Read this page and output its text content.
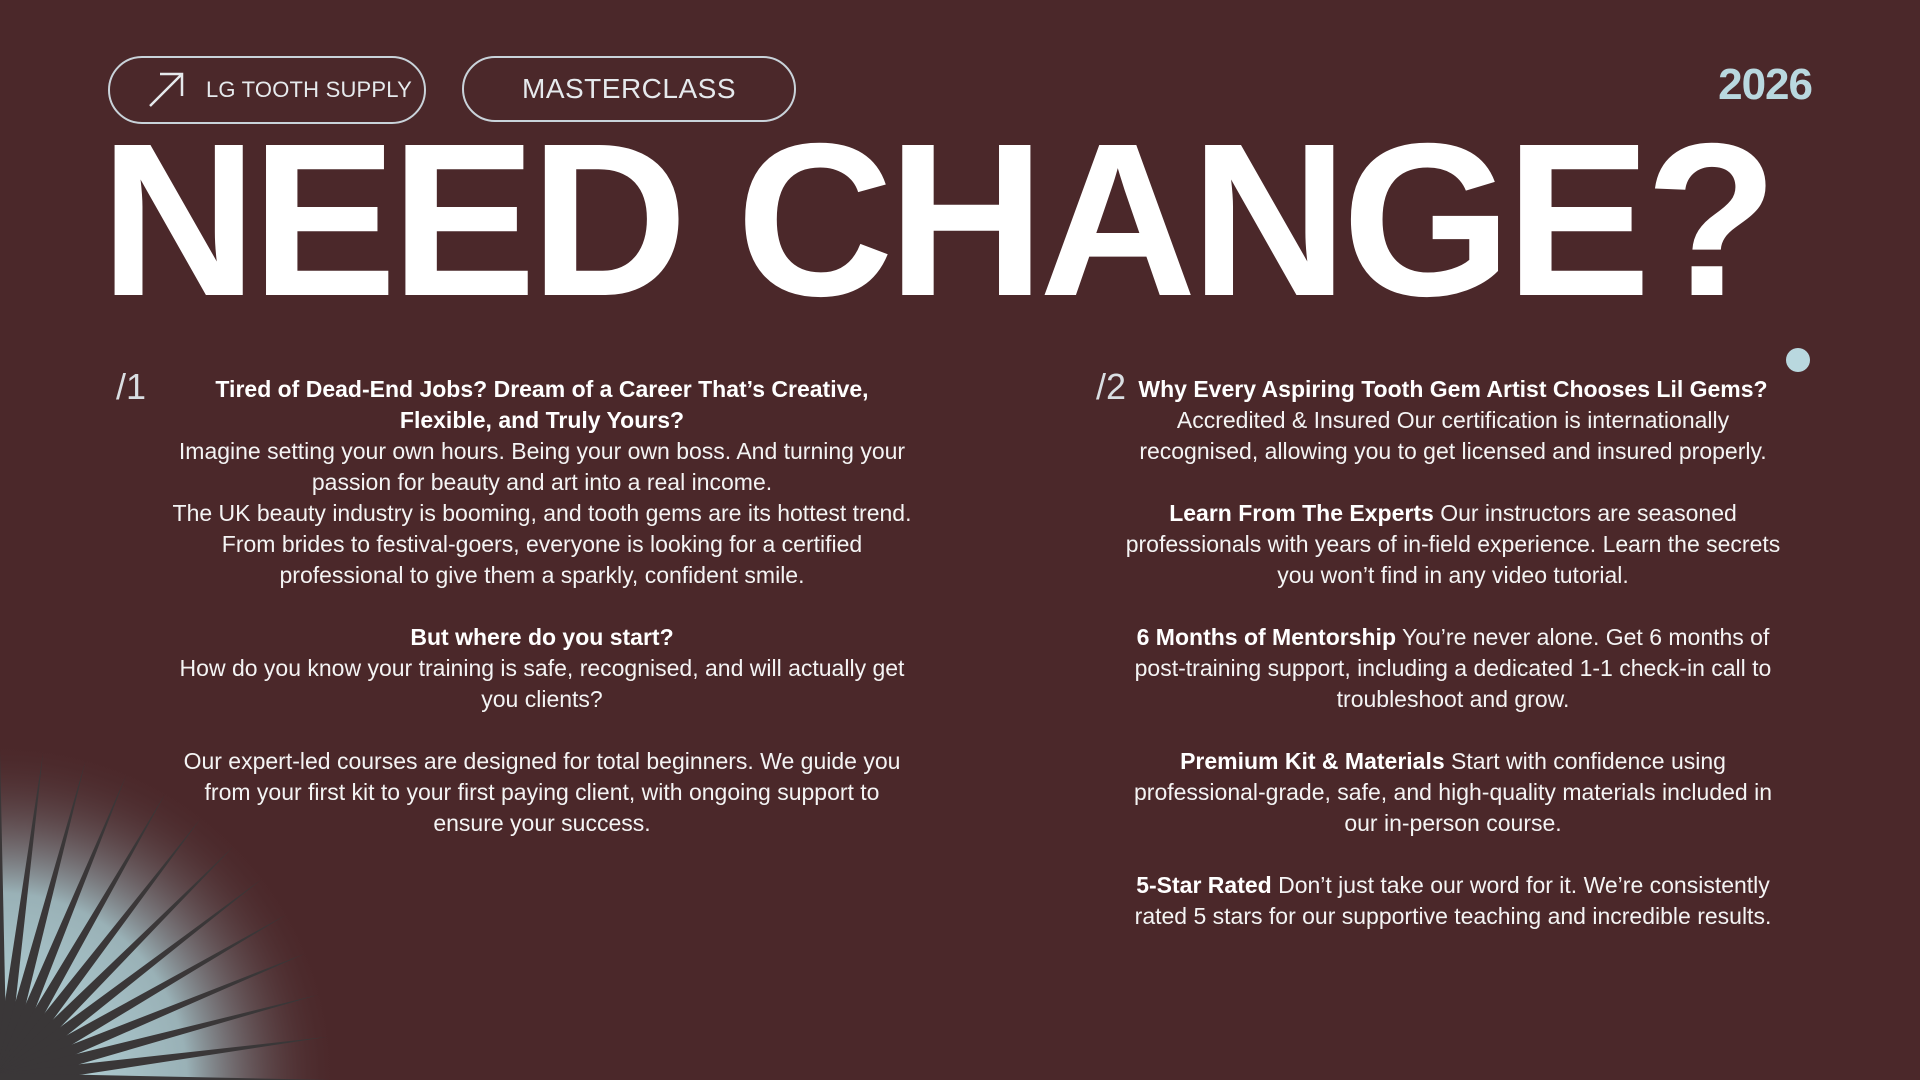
LG TOOTH SUPPLY	MASTERCLASS	2026
NEED CHANGE?
/1	/2

Tired of Dead-End Jobs? Dream of a Career That’s Creative, Flexible, and Truly Yours?

Imagine setting your own hours. Being your own boss. And turning your passion for beauty and art into a real income.

The UK beauty industry is booming, and tooth gems are its hottest trend. From brides to festival-goers, everyone is looking for a certified professional to give them a sparkly, confident smile.

But where do you start?

How do you know your training is safe, recognised, and will actually get you clients?

Our expert-led courses are designed for total beginners. We guide you from your first kit to your first paying client, with ongoing support to ensure your success.

Why Every Aspiring Tooth Gem Artist Chooses Lil Gems?

Accredited & Insured Our certification is internationally recognised, allowing you to get licensed and insured properly.

Learn From The Experts Our instructors are seasoned professionals with years of in-field experience. Learn the secrets you won’t find in any video tutorial.

6 Months of Mentorship You’re never alone. Get 6 months of post-training support, including a dedicated 1-1 check-in call to troubleshoot and grow.

Premium Kit & Materials Start with confidence using professional-grade, safe, and high-quality materials included in our in-person course.

5-Star Rated Don’t just take our word for it. We’re consistently rated 5 stars for our supportive teaching and incredible results.
